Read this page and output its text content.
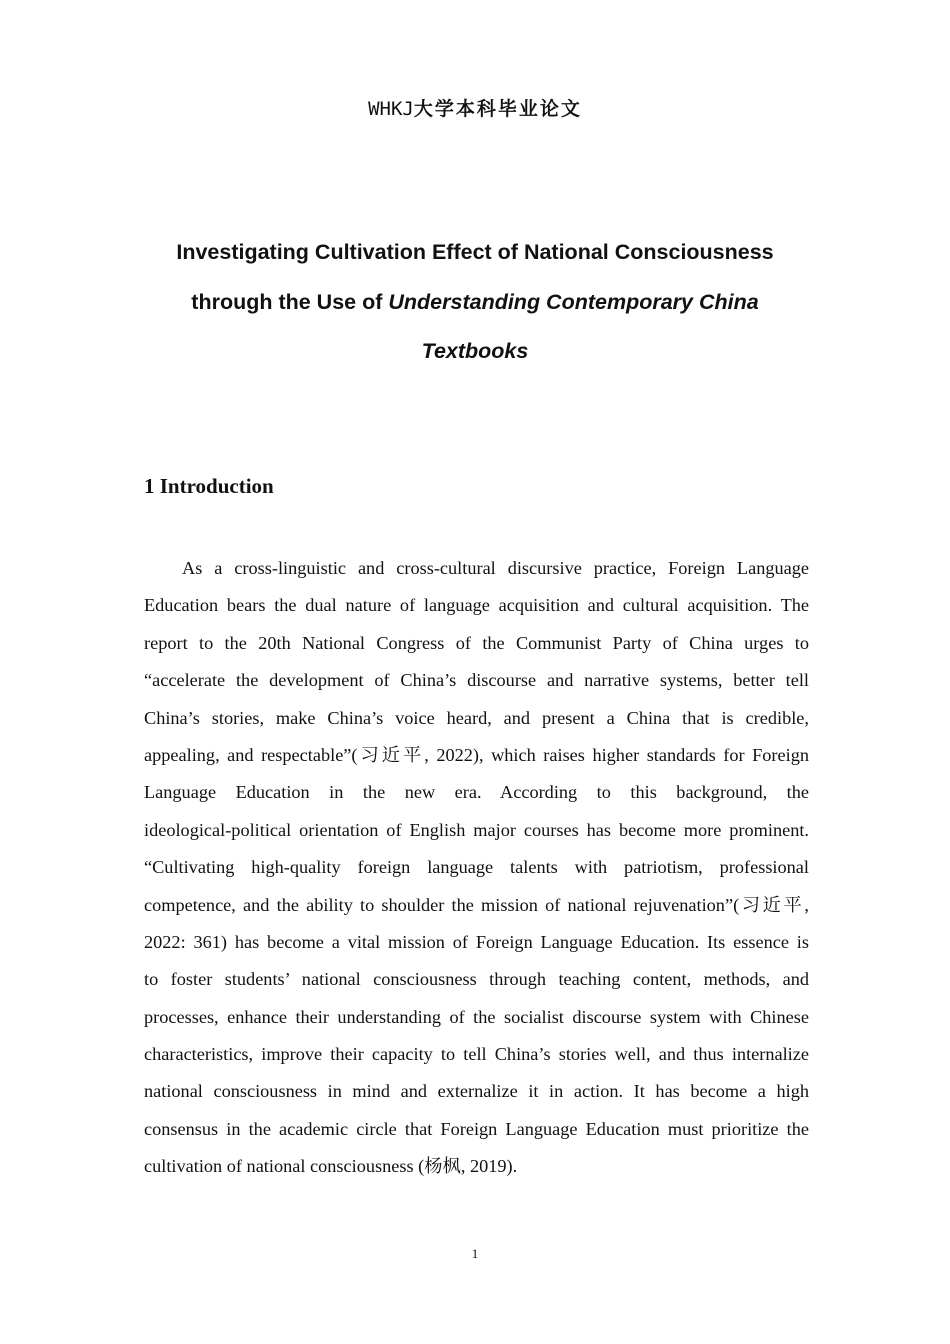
WHKJ大学本科毕业论文
Investigating Cultivation Effect of National Consciousness
through the Use of Understanding Contemporary China
Textbooks
1 Introduction
As a cross-linguistic and cross-cultural discursive practice, Foreign Language
Education bears the dual nature of language acquisition and cultural acquisition. The
report to the 20th National Congress of the Communist Party of China urges to
“accelerate the development of China’s discourse and narrative systems, better tell
China’s stories, make China’s voice heard, and present a China that is credible,
appealing, and respectable”(习近平, 2022), which raises higher standards for Foreign
Language Education in the new era. According to this background, the
ideological-political orientation of English major courses has become more prominent.
“Cultivating high-quality foreign language talents with patriotism, professional
competence, and the ability to shoulder the mission of national rejuvenation”(习近平,
2022: 361) has become a vital mission of Foreign Language Education. Its essence is
to foster students’ national consciousness through teaching content, methods, and
processes, enhance their understanding of the socialist discourse system with Chinese
characteristics, improve their capacity to tell China’s stories well, and thus internalize
national consciousness in mind and externalize it in action. It has become a high
consensus in the academic circle that Foreign Language Education must prioritize the
cultivation of national consciousness (杨枫, 2019).
1
